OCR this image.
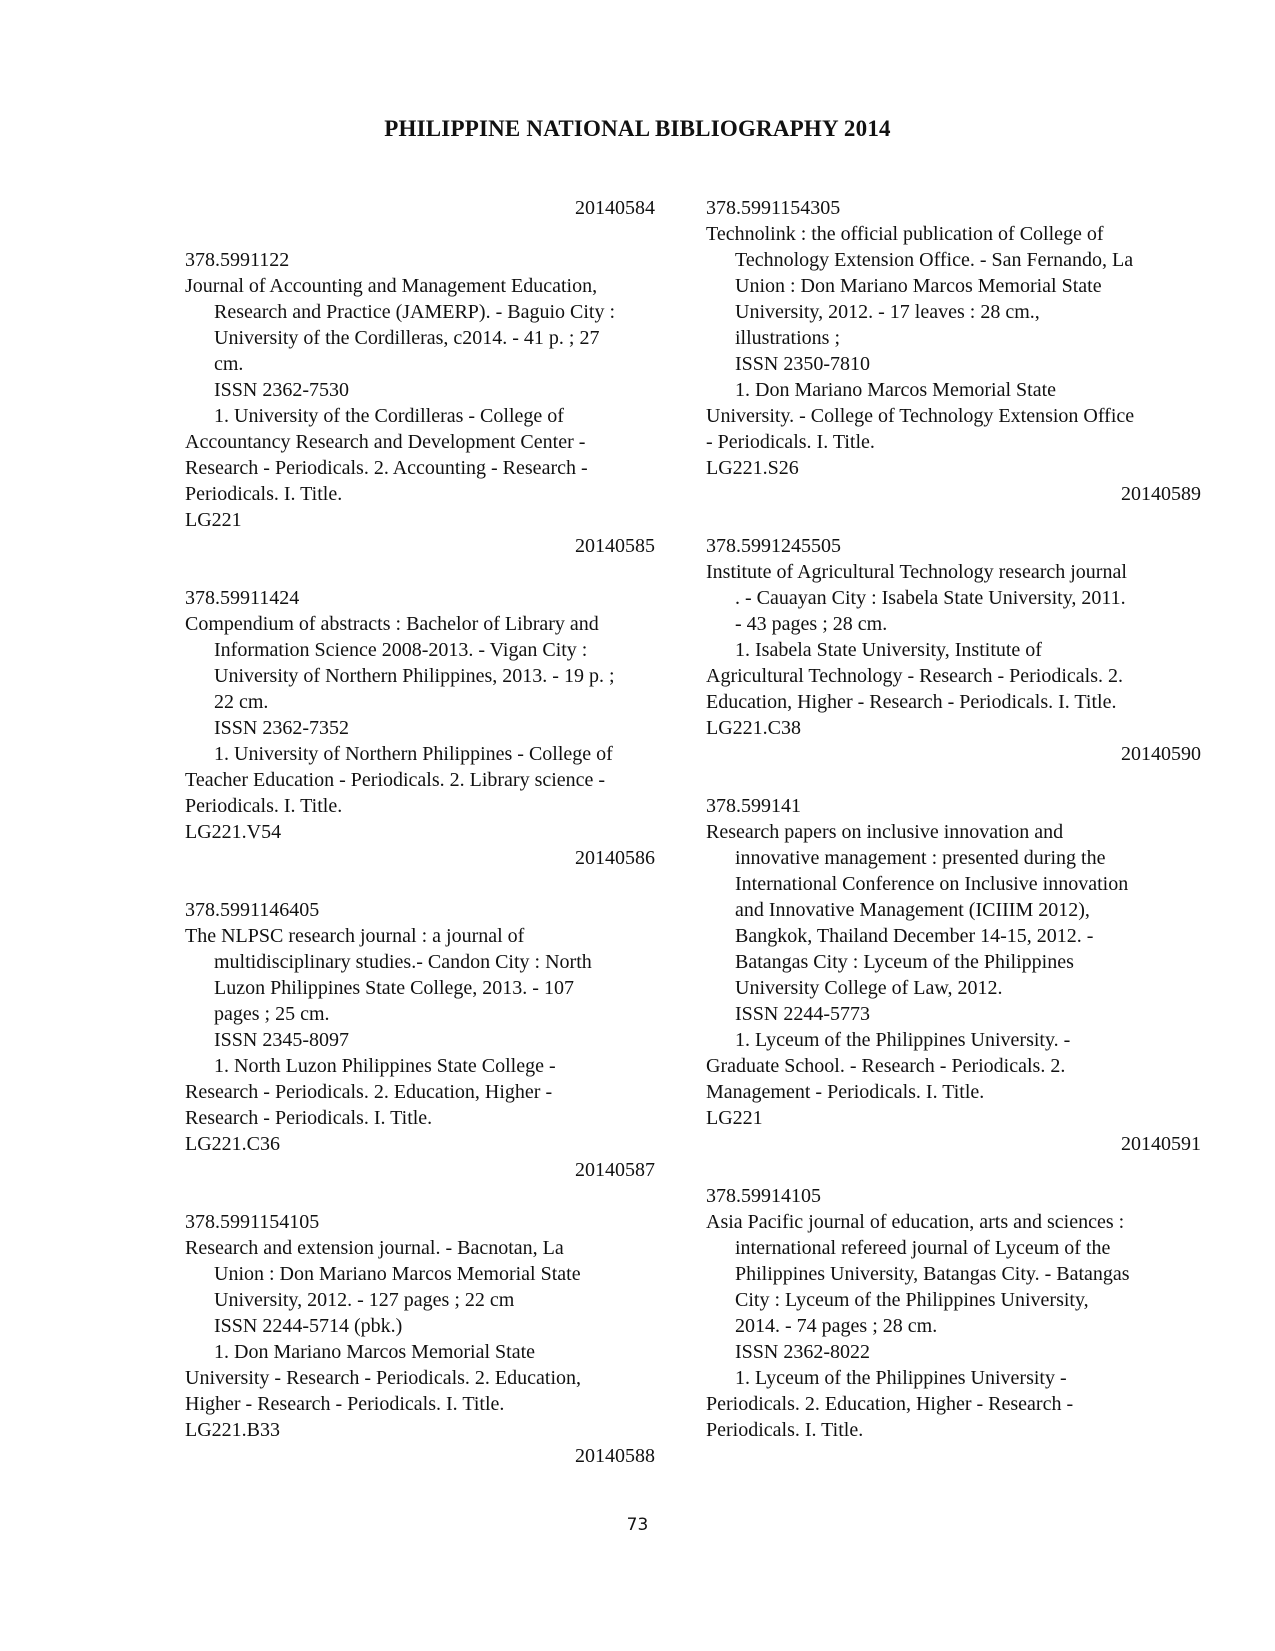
PHILIPPINE NATIONAL BIBLIOGRAPHY 2014
20140584
378.5991122
Journal of Accounting and Management Education,
Research and Practice (JAMERP). - Baguio City :
University of the Cordilleras, c2014. - 41 p. ; 27
cm.
ISSN 2362-7530
1. University of the Cordilleras - College of
Accountancy Research and Development Center -
Research - Periodicals. 2. Accounting - Research -
Periodicals. I. Title.
LG221
20140585
378.59911424
Compendium of abstracts : Bachelor of Library and
Information Science 2008-2013. - Vigan City :
University of Northern Philippines, 2013. - 19 p. ;
22 cm.
ISSN 2362-7352
1. University of Northern Philippines - College of
Teacher Education - Periodicals. 2. Library science -
Periodicals. I. Title.
LG221.V54
20140586
378.5991146405
The NLPSC research journal : a journal of
multidisciplinary studies.- Candon City : North
Luzon Philippines State College, 2013. - 107
pages ; 25 cm.
ISSN 2345-8097
1. North Luzon Philippines State College -
Research - Periodicals. 2. Education, Higher -
Research - Periodicals. I. Title.
LG221.C36
20140587
378.5991154105
Research and extension journal. - Bacnotan, La
Union : Don Mariano Marcos Memorial State
University, 2012. - 127 pages ; 22 cm
ISSN 2244-5714 (pbk.)
1. Don Mariano Marcos Memorial State
University - Research - Periodicals. 2. Education,
Higher - Research - Periodicals. I. Title.
LG221.B33
20140588
378.5991154305
Technolink : the official publication of College of
Technology Extension Office. - San Fernando, La
Union : Don Mariano Marcos Memorial State
University, 2012. - 17 leaves : 28 cm.,
illustrations ;
ISSN 2350-7810
1. Don Mariano Marcos Memorial State
University. - College of Technology Extension Office
- Periodicals. I. Title.
LG221.S26
20140589
378.5991245505
Institute of Agricultural Technology research journal
. - Cauayan City : Isabela State University, 2011.
- 43 pages ; 28 cm.
1. Isabela State University, Institute of
Agricultural Technology - Research - Periodicals. 2.
Education, Higher - Research - Periodicals. I. Title.
LG221.C38
20140590
378.599141
Research papers on inclusive innovation and
innovative management : presented during the
International Conference on Inclusive innovation
and Innovative Management (ICIIIM 2012),
Bangkok, Thailand December 14-15, 2012. -
Batangas City : Lyceum of the Philippines
University College of Law, 2012.
ISSN 2244-5773
1. Lyceum of the Philippines University. -
Graduate School. - Research - Periodicals. 2.
Management - Periodicals. I. Title.
LG221
20140591
378.59914105
Asia Pacific journal of education, arts and sciences :
international refereed journal of Lyceum of the
Philippines University, Batangas City. - Batangas
City : Lyceum of the Philippines University,
2014. - 74 pages ; 28 cm.
ISSN 2362-8022
1. Lyceum of the Philippines University -
Periodicals. 2. Education, Higher - Research -
Periodicals. I. Title.
73
